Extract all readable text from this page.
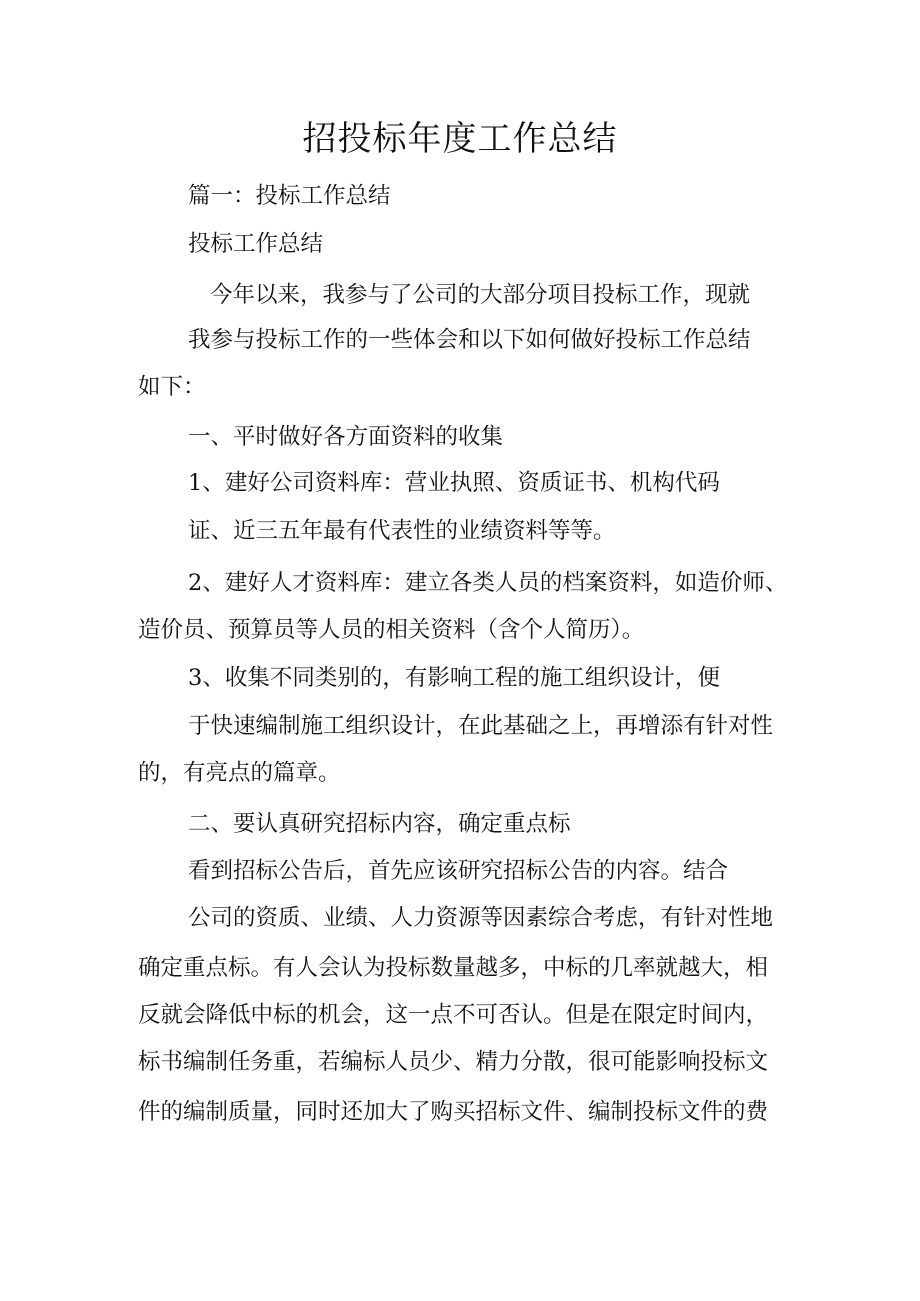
招投标年度工作总结
篇一：投标工作总结
投标工作总结
今年以来，我参与了公司的大部分项目投标工作，现就
我参与投标工作的一些体会和以下如何做好投标工作总结
如下：
一、平时做好各方面资料的收集
1、建好公司资料库：营业执照、资质证书、机构代码
证、近三五年最有代表性的业绩资料等等。
2、建好人才资料库：建立各类人员的档案资料，如造价师、
造价员、预算员等人员的相关资料（含个人简历）。
3、收集不同类别的，有影响工程的施工组织设计，便
于快速编制施工组织设计，在此基础之上，再增添有针对性
的，有亮点的篇章。
二、要认真研究招标内容，确定重点标
看到招标公告后，首先应该研究招标公告的内容。结合
公司的资质、业绩、人力资源等因素综合考虑，有针对性地
确定重点标。有人会认为投标数量越多，中标的几率就越大，相
反就会降低中标的机会，这一点不可否认。但是在限定时间内，
标书编制任务重，若编标人员少、精力分散，很可能影响投标文
件的编制质量，同时还加大了购买招标文件、编制投标文件的费
